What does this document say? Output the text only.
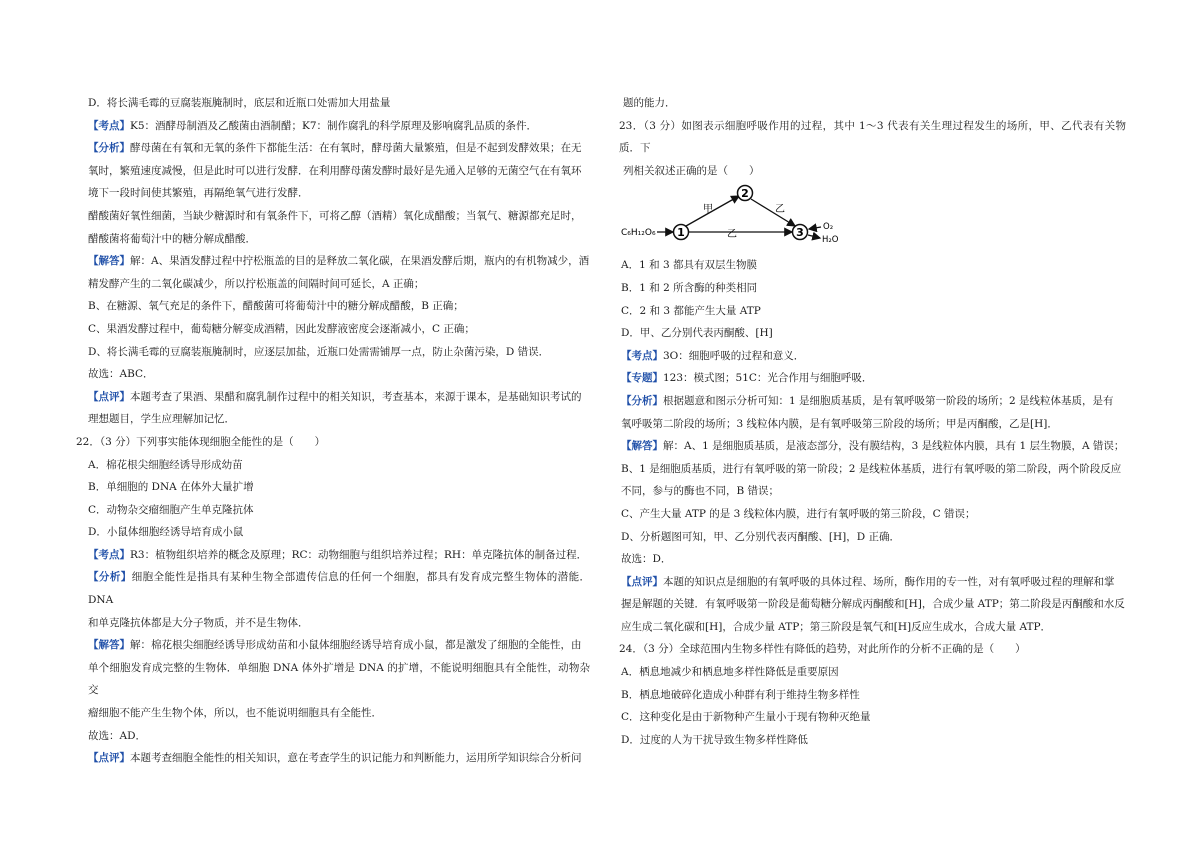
D．将长满毛霉的豆腐装瓶腌制时，底层和近瓶口处需加大用盐量

【考点】K5：酒酵母制酒及乙酸菌由酒制醋；K7：制作腐乳的科学原理及影响腐乳品质的条件．

【分析】酵母菌在有氧和无氧的条件下都能生活：在有氧时，酵母菌大量繁殖，但是不起到发酵效果；在无

氧时，繁殖速度减慢，但是此时可以进行发酵．在利用酵母菌发酵时最好是先通入足够的无菌空气在有氧环

境下一段时间使其繁殖，再隔绝氧气进行发酵．

醋酸菌好氧性细菌，当缺少糖源时和有氧条件下，可将乙醇（酒精）氧化成醋酸；当氧气、糖源都充足时，

醋酸菌将葡萄汁中的糖分解成醋酸．

【解答】解：A、果酒发酵过程中拧松瓶盖的目的是释放二氧化碳，在果酒发酵后期，瓶内的有机物减少，酒

精发酵产生的二氧化碳减少，所以拧松瓶盖的间隔时间可延长，A 正确；

B、在糖源、氧气充足的条件下，醋酸菌可将葡萄汁中的糖分解成醋酸，B 正确；

C、果酒发酵过程中，葡萄糖分解变成酒精，因此发酵液密度会逐渐减小，C 正确；

D、将长满毛霉的豆腐装瓶腌制时，应逐层加盐，近瓶口处需需铺厚一点，防止杂菌污染，D 错误．

故选：ABC．

【点评】本题考查了果酒、果醋和腐乳制作过程中的相关知识，考查基本，来源于课本，是基础知识考试的

理想题目，学生应理解加记忆．

22．（3 分）下列事实能体现细胞全能性的是（　　）

A．棉花根尖细胞经诱导形成幼苗

B．单细胞的 DNA 在体外大量扩增

C．动物杂交瘤细胞产生单克隆抗体

D．小鼠体细胞经诱导培育成小鼠

【考点】R3：植物组织培养的概念及原理；RC：动物细胞与组织培养过程；RH：单克隆抗体的制备过程．

【分析】细胞全能性是指具有某种生物全部遗传信息的任何一个细胞，都具有发育成完整生物体的潜能．DNA

和单克隆抗体都是大分子物质，并不是生物体．

【解答】解：棉花根尖细胞经诱导形成幼苗和小鼠体细胞经诱导培育成小鼠，都是激发了细胞的全能性，由

单个细胞发育成完整的生物体．单细胞 DNA 体外扩增是 DNA 的扩增，不能说明细胞具有全能性，动物杂交

瘤细胞不能产生生物个体，所以，也不能说明细胞具有全能性．

故选：AD．

【点评】本题考查细胞全能性的相关知识，意在考查学生的识记能力和判断能力，运用所学知识综合分析问

题的能力．

23．（3 分）如图表示细胞呼吸作用的过程，其中 1～3 代表有关生理过程发生的场所，甲、乙代表有关物质．下

列相关叙述正确的是（　　）

C₆H₁₂O₆ 1
甲
2
乙
乙	3 O₂
H₂O

A．1 和 3 都具有双层生物膜

B．1 和 2 所含酶的种类相同

C．2 和 3 都能产生大量 ATP

D．甲、乙分别代表丙酮酸、[H]

【考点】3O：细胞呼吸的过程和意义．

【专题】123：模式图；51C：光合作用与细胞呼吸．

【分析】根据题意和图示分析可知：1 是细胞质基质，是有氧呼吸第一阶段的场所；2 是线粒体基质，是有

氧呼吸第二阶段的场所；3 线粒体内膜，是有氧呼吸第三阶段的场所；甲是丙酮酸，乙是[H]．

【解答】解：A、1 是细胞质基质，是液态部分，没有膜结构，3 是线粒体内膜，具有 1 层生物膜，A 错误；

B、1 是细胞质基质，进行有氧呼吸的第一阶段；2 是线粒体基质，进行有氧呼吸的第二阶段，两个阶段反应

不同，参与的酶也不同，B 错误；

C、产生大量 ATP 的是 3 线粒体内膜，进行有氧呼吸的第三阶段，C 错误；

D、分析题图可知，甲、乙分别代表丙酮酸、[H]，D 正确．

故选：D．

【点评】本题的知识点是细胞的有氧呼吸的具体过程、场所，酶作用的专一性，对有氧呼吸过程的理解和掌

握是解题的关键．有氧呼吸第一阶段是葡萄糖分解成丙酮酸和[H]，合成少量 ATP；第二阶段是丙酮酸和水反

应生成二氧化碳和[H]，合成少量 ATP；第三阶段是氧气和[H]反应生成水，合成大量 ATP．

24．（3 分）全球范围内生物多样性有降低的趋势，对此所作的分析不正确的是（　　）

A．栖息地减少和栖息地多样性降低是重要原因

B．栖息地破碎化造成小种群有利于维持生物多样性

C．这种变化是由于新物种产生量小于现有物种灭绝量

D．过度的人为干扰导致生物多样性降低
